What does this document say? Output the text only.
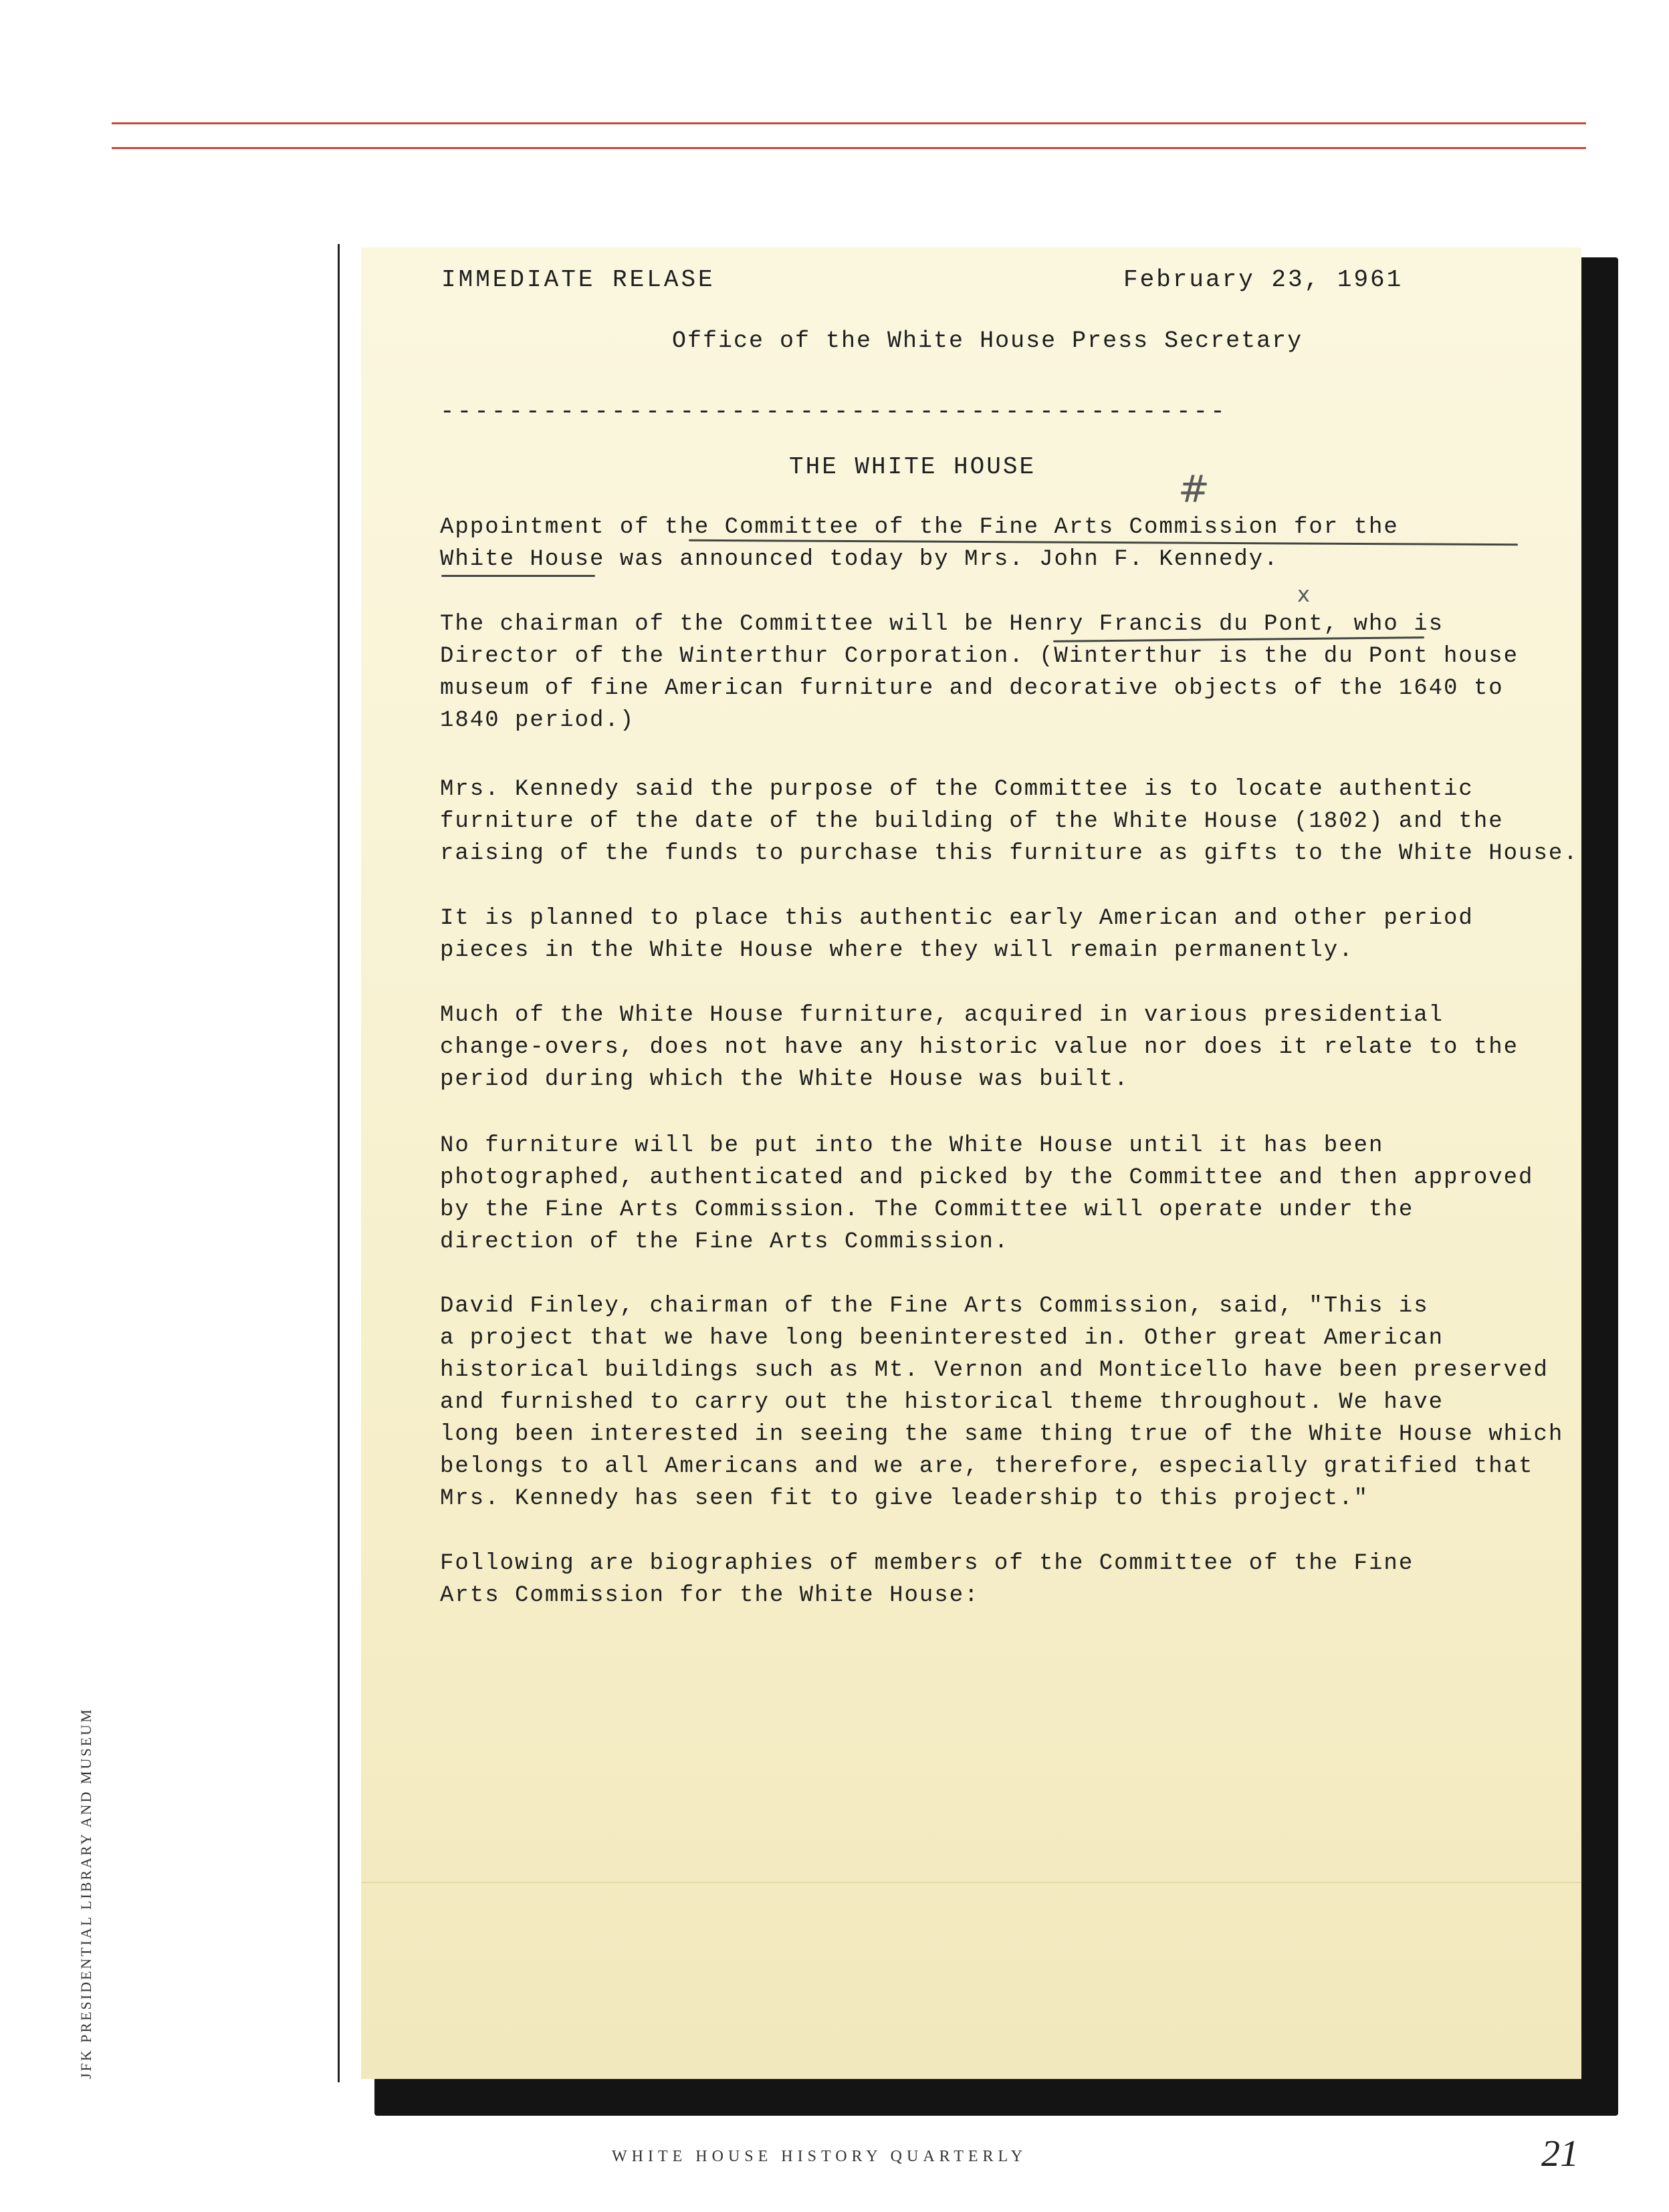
JFK PRESIDENTIAL LIBRARY AND MUSEUM
IMMEDIATE RELASE	February 23, 1961
Office of the White House Press Secretary
----------------------------------------------
THE WHITE HOUSE
#
x
Appointment of the Committee of the Fine Arts Commission for the
White House was announced today by Mrs. John F. Kennedy.
The chairman of the Committee will be Henry Francis du Pont, who is
Director of the Winterthur Corporation. (Winterthur is the du Pont house
museum of fine American furniture and decorative objects of the 1640 to
1840 period.)
Mrs. Kennedy said the purpose of the Committee is to locate authentic
furniture of the date of the building of the White House (1802) and the
raising of the funds to purchase this furniture as gifts to the White House.
It is planned to place this authentic early American and other period
pieces in the White House where they will remain permanently.
Much of the White House furniture, acquired in various presidential
change-overs, does not have any historic value nor does it relate to the
period during which the White House was built.
No furniture will be put into the White House until it has been
photographed, authenticated and picked by the Committee and then approved
by the Fine Arts Commission. The Committee will operate under the
direction of the Fine Arts Commission.
David Finley, chairman of the Fine Arts Commission, said, "This is
a project that we have long beeninterested in. Other great American
historical buildings such as Mt. Vernon and Monticello have been preserved
and furnished to carry out the historical theme throughout. We have
long been interested in seeing the same thing true of the White House which
belongs to all Americans and we are, therefore, especially gratified that
Mrs. Kennedy has seen fit to give leadership to this project."
Following are biographies of members of the Committee of the Fine
Arts Commission for the White House:
WHITE HOUSE HISTORY QUARTERLY	21
